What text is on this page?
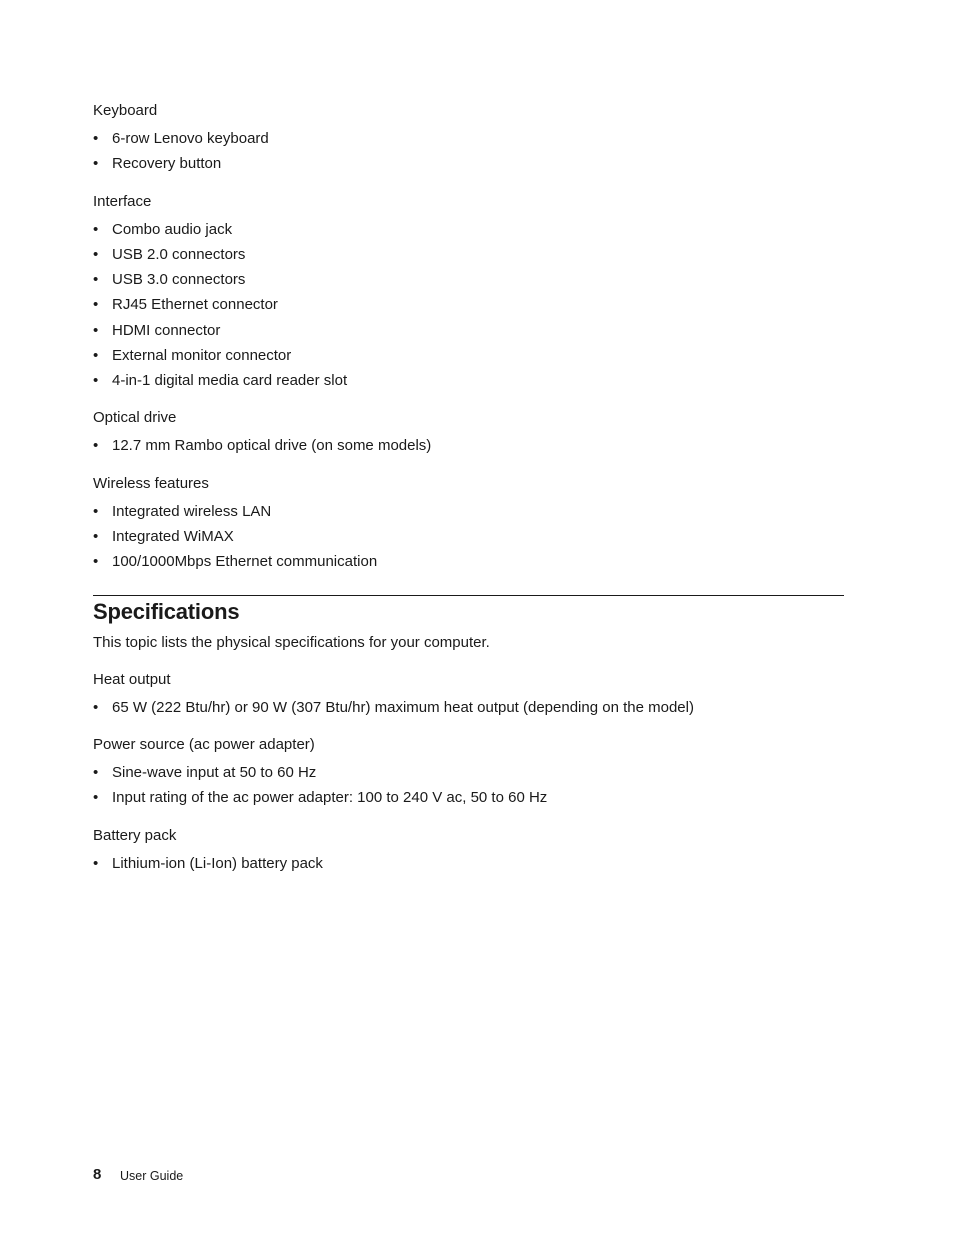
Keyboard
• 6-row Lenovo keyboard
• Recovery button
Interface
• Combo audio jack
• USB 2.0 connectors
• USB 3.0 connectors
• RJ45 Ethernet connector
• HDMI connector
• External monitor connector
• 4-in-1 digital media card reader slot
Optical drive
• 12.7 mm Rambo optical drive (on some models)
Wireless features
• Integrated wireless LAN
• Integrated WiMAX
• 100/1000Mbps Ethernet communication
Specifications
This topic lists the physical specifications for your computer.
Heat output
• 65 W (222 Btu/hr) or 90 W (307 Btu/hr) maximum heat output (depending on the model)
Power source (ac power adapter)
• Sine-wave input at 50 to 60 Hz
• Input rating of the ac power adapter: 100 to 240 V ac, 50 to 60 Hz
Battery pack
• Lithium-ion (Li-Ion) battery pack
8 User Guide
